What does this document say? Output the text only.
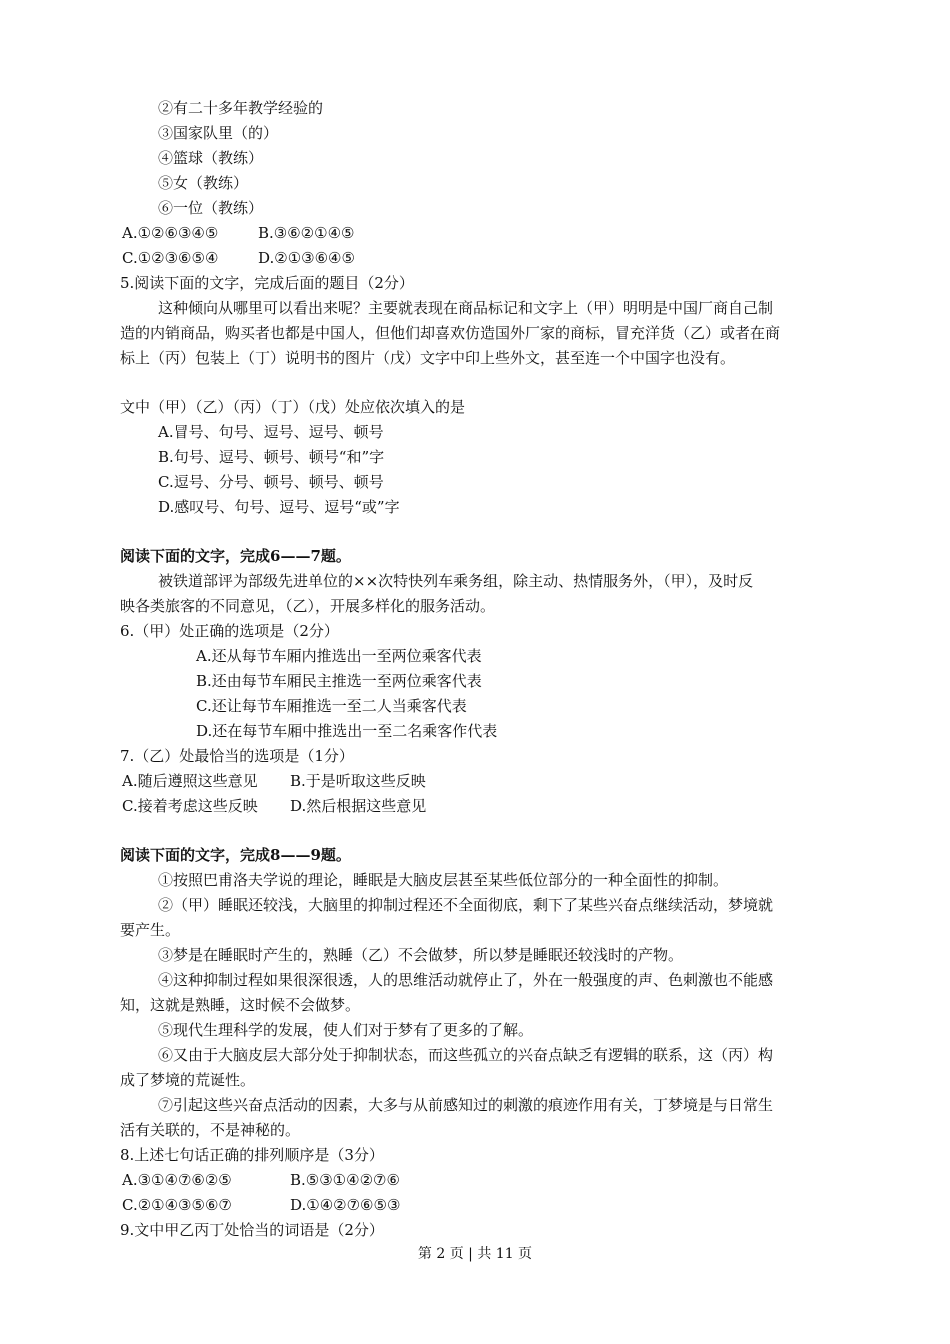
②有二十多年教学经验的
③国家队里（的）
④篮球（教练）
⑤女（教练）
⑥一位（教练）
A.①②⑥③④⑤	B.③⑥②①④⑤
C.①②③⑥⑤④	D.②①③⑥④⑤
5.阅读下面的文字，完成后面的题目（2分）
这种倾向从哪里可以看出来呢？主要就表现在商品标记和文字上（甲）明明是中国厂商自己制
造的内销商品，购买者也都是中国人，但他们却喜欢仿造国外厂家的商标，冒充洋货（乙）或者在商
标上（丙）包装上（丁）说明书的图片（戊）文字中印上些外文，甚至连一个中国字也没有。
文中（甲）（乙）（丙）（丁）（戊）处应依次填入的是
A.冒号、句号、逗号、逗号、顿号
B.句号、逗号、顿号、顿号“和”字
C.逗号、分号、顿号、顿号、顿号
D.感叹号、句号、逗号、逗号“或”字
阅读下面的文字，完成6——7题。
被铁道部评为部级先进单位的××次特快列车乘务组，除主动、热情服务外，（甲），及时反
映各类旅客的不同意见，（乙），开展多样化的服务活动。
6.（甲）处正确的选项是（2分）
A.还从每节车厢内推选出一至两位乘客代表
B.还由每节车厢民主推选一至两位乘客代表
C.还让每节车厢推选一至二人当乘客代表
D.还在每节车厢中推选出一至二名乘客作代表
7.（乙）处最恰当的选项是（1分）
A.随后遵照这些意见 B.于是听取这些反映
C.接着考虑这些反映 D.然后根据这些意见
阅读下面的文字，完成8——9题。
①按照巴甫洛夫学说的理论，睡眠是大脑皮层甚至某些低位部分的一种全面性的抑制。
②（甲）睡眠还较浅，大脑里的抑制过程还不全面彻底，剩下了某些兴奋点继续活动，梦境就
要产生。
③梦是在睡眠时产生的，熟睡（乙）不会做梦，所以梦是睡眠还较浅时的产物。
④这种抑制过程如果很深很透，人的思维活动就停止了，外在一般强度的声、色刺激也不能感
知，这就是熟睡，这时候不会做梦。
⑤现代生理科学的发展，使人们对于梦有了更多的了解。
⑥又由于大脑皮层大部分处于抑制状态，而这些孤立的兴奋点缺乏有逻辑的联系，这（丙）构
成了梦境的荒诞性。
⑦引起这些兴奋点活动的因素，大多与从前感知过的刺激的痕迹作用有关，丁梦境是与日常生
活有关联的，不是神秘的。
8.上述七句话正确的排列顺序是（3分）
A.③①④⑦⑥②⑤	B.⑤③①④②⑦⑥
C.②①④③⑤⑥⑦	D.①④②⑦⑥⑤③
9.文中甲乙丙丁处恰当的词语是（2分）
第 2 页 | 共 11 页
